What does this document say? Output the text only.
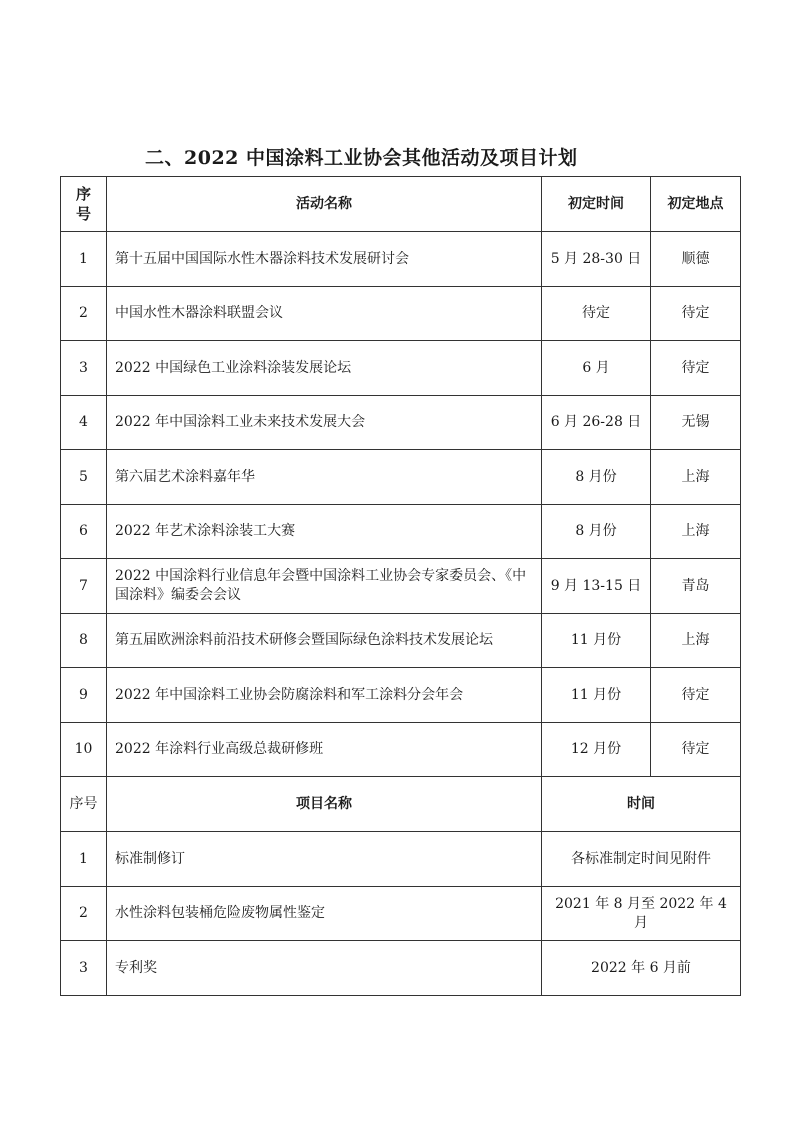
二、2022 中国涂料工业协会其他活动及项目计划
序号	活动名称	初定时间	初定地点
1	第十五届中国国际水性木器涂料技术发展研讨会	5 月 28-30 日	顺德
2	中国水性木器涂料联盟会议	待定	待定
3	2022 中国绿色工业涂料涂装发展论坛	6 月	待定
4	2022 年中国涂料工业未来技术发展大会	6 月 26-28 日	无锡
5	第六届艺术涂料嘉年华	8 月份	上海
6	2022 年艺术涂料涂装工大赛	8 月份	上海
7	2022 中国涂料行业信息年会暨中国涂料工业协会专家委员会、《中国涂料》编委会会议	9 月 13-15 日	青岛
8	第五届欧洲涂料前沿技术研修会暨国际绿色涂料技术发展论坛	11 月份	上海
9	2022 年中国涂料工业协会防腐涂料和军工涂料分会年会	11 月份	待定
10	2022 年涂料行业高级总裁研修班	12 月份	待定
序号	项目名称	时间	
1	标准制修订	各标准制定时间见附件	
2	水性涂料包装桶危险废物属性鉴定	2021 年 8 月至 2022 年 4 月	
3	专利奖	2022 年 6 月前	
